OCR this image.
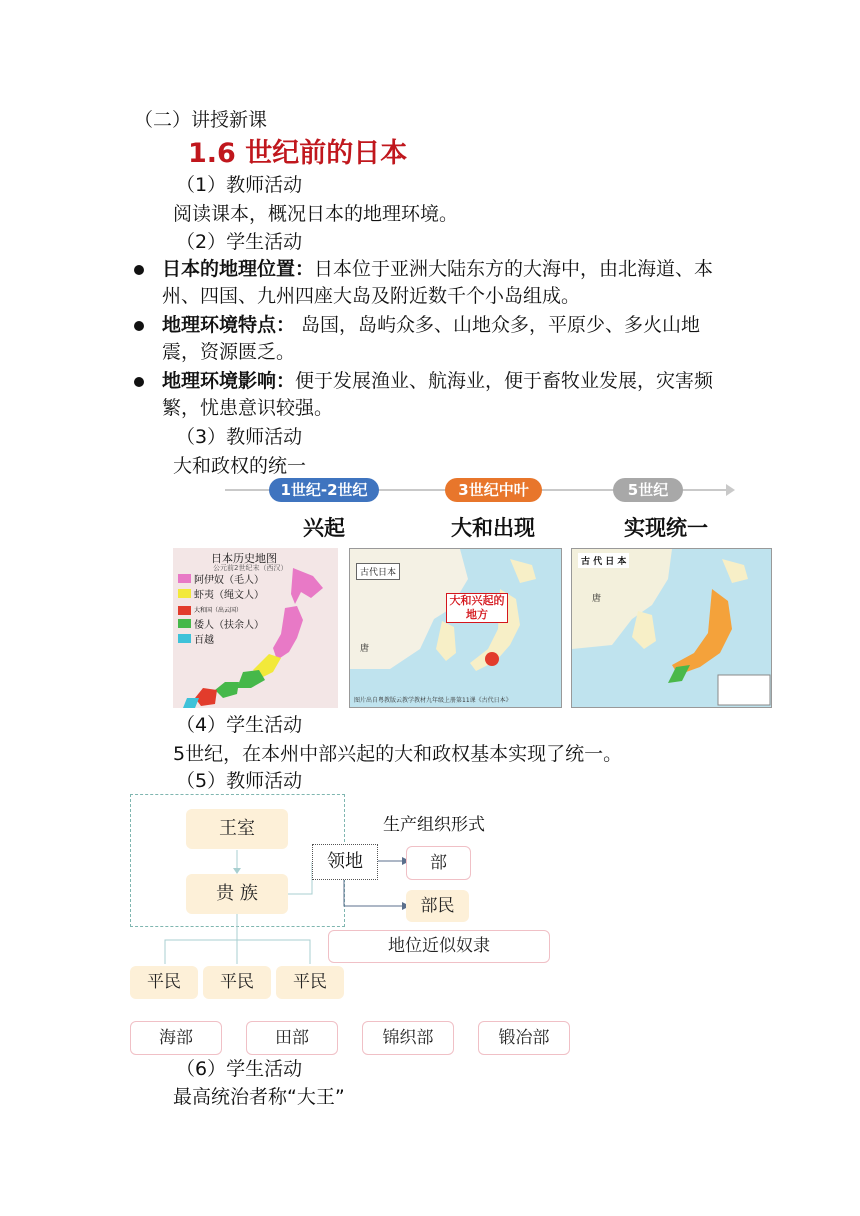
（二）讲授新课
1.6 世纪前的日本
（1）教师活动
阅读课本，概况日本的地理环境。
（2）学生活动
日本的地理位置：日本位于亚洲大陆东方的大海中，由北海道、本州、四国、九州四座大岛及附近数千个小岛组成。
地理环境特点： 岛国，岛屿众多、山地众多，平原少、多火山地震，资源匮乏。
地理环境影响：便于发展渔业、航海业，便于畜牧业发展，灾害频繁，忧患意识较强。
（3）教师活动
大和政权的统一
1世纪-2世纪	3世纪中叶	5世纪
兴起	大和出现	实现统一
日本历史地图
公元前2世纪末（西汉）
阿伊奴（毛人）
虾夷（绳文人）
大和国（出云国）
倭人（扶余人）
百越
古代日本
大和兴起的地方
唐
图片出自粤教版云教学教材九年级上册第11课《古代日本》
古 代 日 本
唐
（4）学生活动
5世纪，在本州中部兴起的大和政权基本实现了统一。
（5）教师活动
王室
贵 族
领地
生产组织形式
部
部民
地位近似奴隶
平民	平民	平民
海部	田部	锦织部	锻冶部
（6）学生活动
最高统治者称“大王”
